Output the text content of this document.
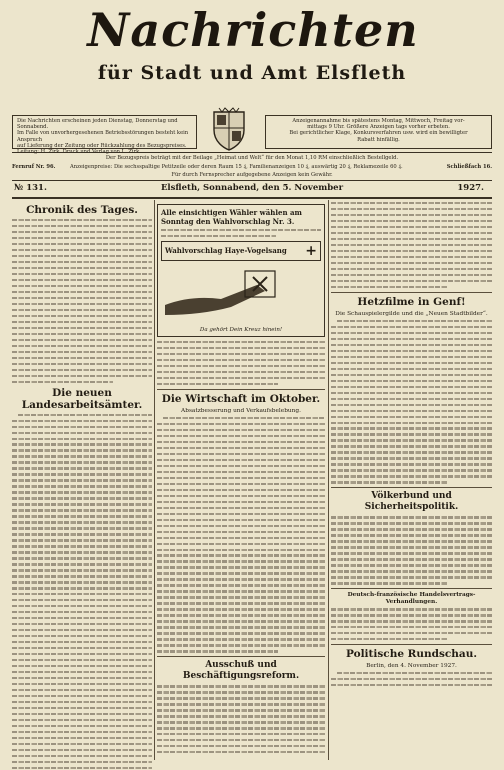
Nachrichten
für Stadt und Amt Elsfleth
Die Nachrichten erscheinen jeden Dienstag, Donnerstag und Sonnabend.
Im Falle von unvorhergesehenen Betriebsstörungen besteht kein Anspruch
auf Lieferung der Zeitung oder Rückzahlung des Bezugspreises.
Leitung: H. Zirk. Druck und Verlag von L. Zirk.
Anzeigenannahme bis spätestens Montag, Mittwoch, Freitag vor-
mittags 9 Uhr. Größere Anzeigen tags vorher erbeten.
Bei gerichtlicher Klage, Konkursverfahren usw. wird ein bewilligter
Rabatt hinfällig.
Der Bezugspreis beträgt mit der Beilage „Heimat und Welt“ für den Monat 1,10 RM einschließlich Bestellgeld.
Fernruf Nr. 96.	Anzeigenpreise: Die sechsspaltige Petitzeile oder deren Raum 15 ₰, Familienanzeigen 10 ₰, auswärtig 20 ₰, Reklamezeile 60 ₰.	Schließfach 16.
Für durch Fernsprecher aufgegebene Anzeigen kein Gewähr.
№ 131.	Elsfleth, Sonnabend, den 5. November	1927.
Chronik des Tages.
Die neuen Landesarbeitsämter.
Alle einsichtigen Wähler wählen am Sonntag den Wahlvorschlag Nr. 3.
Wahlvorschlag Haye-Vogelsang +
Da gehört Dein Kreuz hinein!
Die Wirtschaft im Oktober.
Absatzbesserung und Verkaufsbelebung.
Ausschuß und Beschäftigungsreform.
Hetzfilme in Genf!
Die Schauspielergilde und die „Neuen Stadtbilder“.
Völkerbund und Sicherheitspolitik.
Deutsch-französische Handelsvertrags-Verhandlungen.
Politische Rundschau.
Berlin, den 4. November 1927.
